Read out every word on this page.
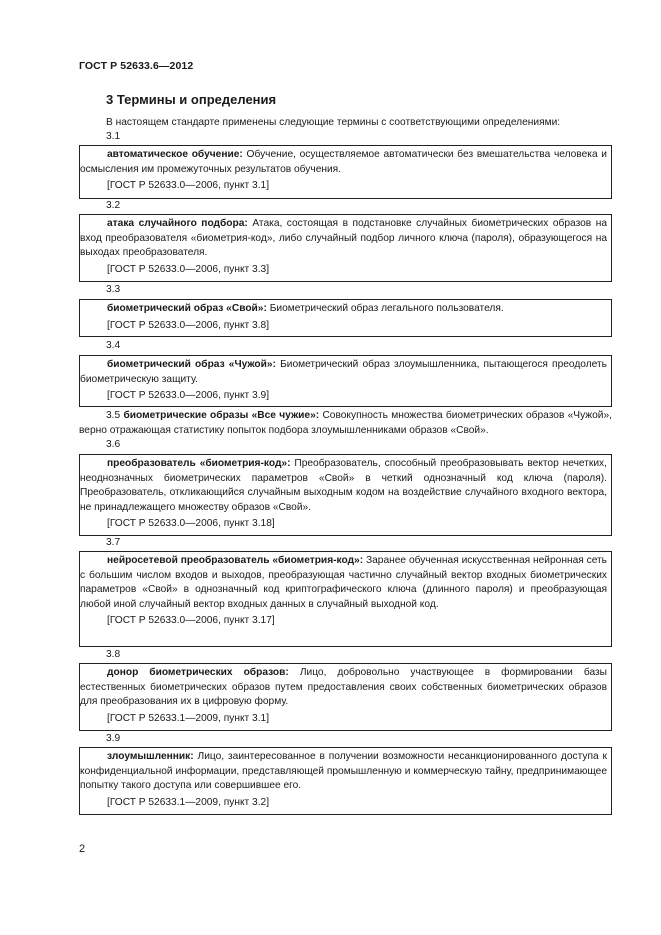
ГОСТ Р 52633.6—2012
3 Термины и определения
В настоящем стандарте применены следующие термины с соответствующими определениями:
3.1

автоматическое обучение: Обучение, осуществляемое автоматически без вмешательства человека и осмысления им промежуточных результатов обучения.

[ГОСТ Р 52633.0—2006, пункт 3.1]
3.2

атака случайного подбора: Атака, состоящая в подстановке случайных биометрических образов на вход преобразователя «биометрия-код», либо случайный подбор личного ключа (пароля), образующегося на выходах преобразователя.

[ГОСТ Р 52633.0—2006, пункт 3.3]
3.3

биометрический образ «Свой»: Биометрический образ легального пользователя.

[ГОСТ Р 52633.0—2006, пункт 3.8]
3.4

биометрический образ «Чужой»: Биометрический образ злоумышленника, пытающегося преодолеть биометрическую защиту.

[ГОСТ Р 52633.0—2006, пункт 3.9]

3.5 биометрические образы «Все чужие»: Совокупность множества биометрических образов «Чужой», верно отражающая статистику попыток подбора злоумышленниками образов «Свой».

3.6

преобразователь «биометрия-код»: Преобразователь, способный преобразовывать вектор нечетких, неоднозначных биометрических параметров «Свой» в четкий однозначный код ключа (пароля). Преобразователь, откликающийся случайным выходным кодом на воздействие случайного входного вектора, не принадлежащего множеству образов «Свой».

[ГОСТ Р 52633.0—2006, пункт 3.18]
3.7

нейросетевой преобразователь «биометрия-код»: Заранее обученная искусственная нейронная сеть с большим числом входов и выходов, преобразующая частично случайный вектор входных биометрических параметров «Свой» в однозначный код криптографического ключа (длинного пароля) и преобразующая любой иной случайный вектор входных данных в случайный выходной код.

[ГОСТ Р 52633.0—2006, пункт 3.17]
3.8

донор биометрических образов: Лицо, добровольно участвующее в формировании базы естественных биометрических образов путем предоставления своих собственных биометрических образов для преобразования их в цифровую форму.

[ГОСТ Р 52633.1—2009, пункт 3.1]
3.9

злоумышленник: Лицо, заинтересованное в получении возможности несанкционированного доступа к конфиденциальной информации, представляющей промышленную и коммерческую тайну, предпринимающее попытку такого доступа или совершившее его.

[ГОСТ Р 52633.1—2009, пункт 3.2]
2
